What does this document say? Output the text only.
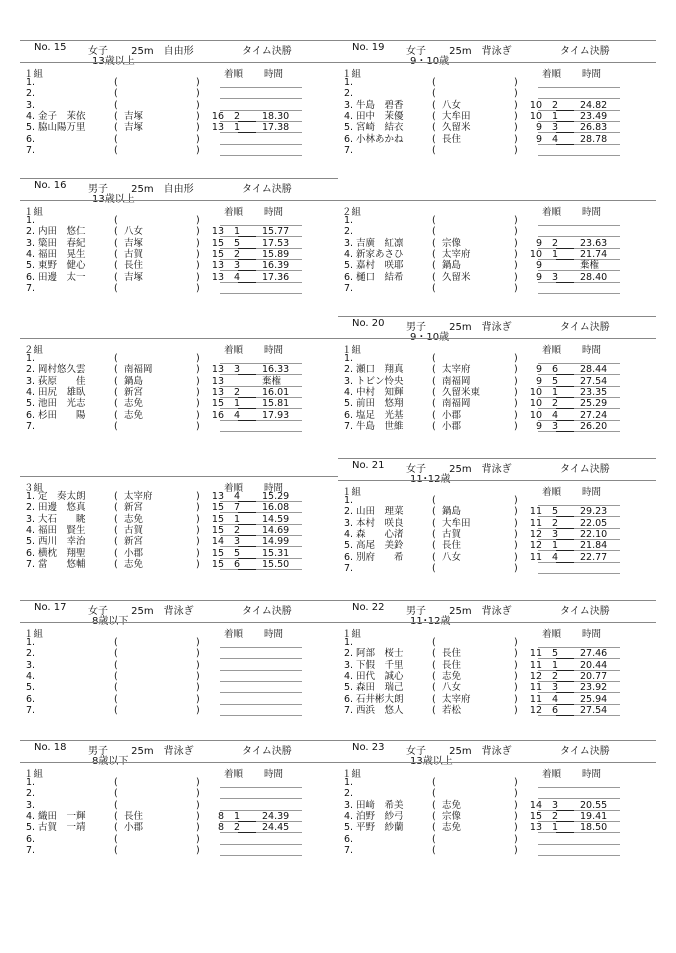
No. 15 女子 　　25m　自由形
13歳以上
タイム決勝
１組	着順 時間
1.	(	)
2.	(	)
3.	(	)
4. 金子　茉依	( 吉塚	) 16	2 18.30
5. 脇山陽万里	( 吉塚	) 13	1 17.38
6.	(	)
7.	(	)
No. 16 男子 　　25m　自由形
13歳以上
タイム決勝
１組	着順 時間
1.	(	)
2. 内田　悠仁	( 八女	) 13	1 15.77
3. 簗田　春紀	( 吉塚	) 15	5 17.53
4. 福田　晃生	( 古賀	) 15	2 15.89
5. 東野　健心	( 長住	) 13	3 16.39
6. 田邊　太一	( 吉塚	) 13	4 17.36
7.	(	)
２組	着順 時間
1.	(	)
2. 岡村悠久雲	( 南福岡	) 13	3 16.33
3. 荻原　　佳	( 鍋島	) 13	棄権
4. 田尻　雄臥	( 新宮	) 13	2 16.01
5. 池田　光志	( 志免	) 15	1 15.81
6. 杉田　　陽	( 志免	) 16	4 17.93
7.	(	)
３組	着順 時間
1. 定　奏太朗	( 太宰府	) 13	4 15.29
2. 田邊　悠真	( 新宮	) 15	7 16.08
3. 大石　　眺	( 志免	) 15	1 14.59
4. 福田　賢生	( 古賀	) 15	2 14.69
5. 西川　幸治	( 新宮	) 14	3 14.99
6. 横枕　翔聖	( 小郡	) 15	5 15.31
7. 當　　悠輔	( 志免	) 15	6 15.50
No. 17 女子 　　25m　背泳ぎ
8歳以下
タイム決勝
１組	着順 時間
1.	(	)
2.	(	)
3.	(	)
4.	(	)
5.	(	)
6.	(	)
7.	(	)
No. 18 男子 　　25m　背泳ぎ
8歳以下
タイム決勝
１組	着順 時間
1.	(	)
2.	(	)
3.	(	)
4. 織田　一輝	( 長住	)	8	1 24.39
5. 古賀　一靖	( 小郡	)	8	2 24.45
6.	(	)
7.	(	)
No. 19 女子 　　25m　背泳ぎ
9・10歳
タイム決勝
１組	着順 時間
1.	(	)
2.	(	)
3. 牛島　碧香	( 八女	) 10	2 24.82
4. 田中　茉優	( 大牟田	) 10	1 23.49
5. 宮崎　結衣	( 久留米	)	9	3 26.83
6. 小林あかね	( 長住	)	9	4 28.78
7.	(	)
２組	着順 時間
1.	(	)
2.	(	)
3. 吉廣　紅凛	( 宗像	)	9	2 23.63
4. 新家あさひ	( 太宰府	) 10	1 21.74
5. 嘉村　咲耶	( 鍋島	)	9	棄権
6. 樋口　結希	( 久留米	)	9	3 28.40
7.	(	)
No. 20 男子 　　25m　背泳ぎ
9・10歳
タイム決勝
１組	着順 時間
1.	(	)
2. 瀬口　翔真	( 太宰府	)	9	6 28.44
3. トビン怜央	( 南福岡	)	9	5 27.54
4. 中村　知輝	( 久留米東	) 10	1 23.35
5. 前田　悠翔	( 南福岡	) 10	2 25.29
6. 塩足　光基	( 小郡	) 10	4 27.24
7. 牛島　世維	( 小郡	)	9	3 26.20
No. 21 女子 　　25m　背泳ぎ
11･12歳
タイム決勝
１組	着順 時間
1.	(	)
2. 山田　理菜	( 鍋島	) 11	5 29.23
3. 本村　咲良	( 大牟田	) 11	2 22.05
4. 森　　心渚	( 古賀	) 12	3 22.10
5. 高尾　美鈴	( 長住	) 12	1 21.84
6. 別府　　希	( 八女	) 11	4 22.77
7.	(	)
No. 22 男子 　　25m　背泳ぎ
11･12歳
タイム決勝
１組	着順 時間
1.	(	)
2. 阿部　桜士	( 長住	) 11	5 27.46
3. 下假　千里	( 長住	) 11	1 20.44
4. 田代　誠心	( 志免	) 12	2 20.77
5. 森田　瑞己	( 八女	) 11	3 23.92
6. 石井彬大朗	( 太宰府	) 11	4 25.94
7. 西浜　悠人	( 若松	) 12	6 27.54
No. 23 女子 　　25m　背泳ぎ
13歳以上
タイム決勝
１組	着順 時間
1.	(	)
2.	(	)
3. 田﨑　希美	( 志免	) 14	3 20.55
4. 泊野　紗弓	( 宗像	) 15	2 19.41
5. 平野　紗蘭	( 志免	) 13	1 18.50
6.	(	)
7.	(	)
